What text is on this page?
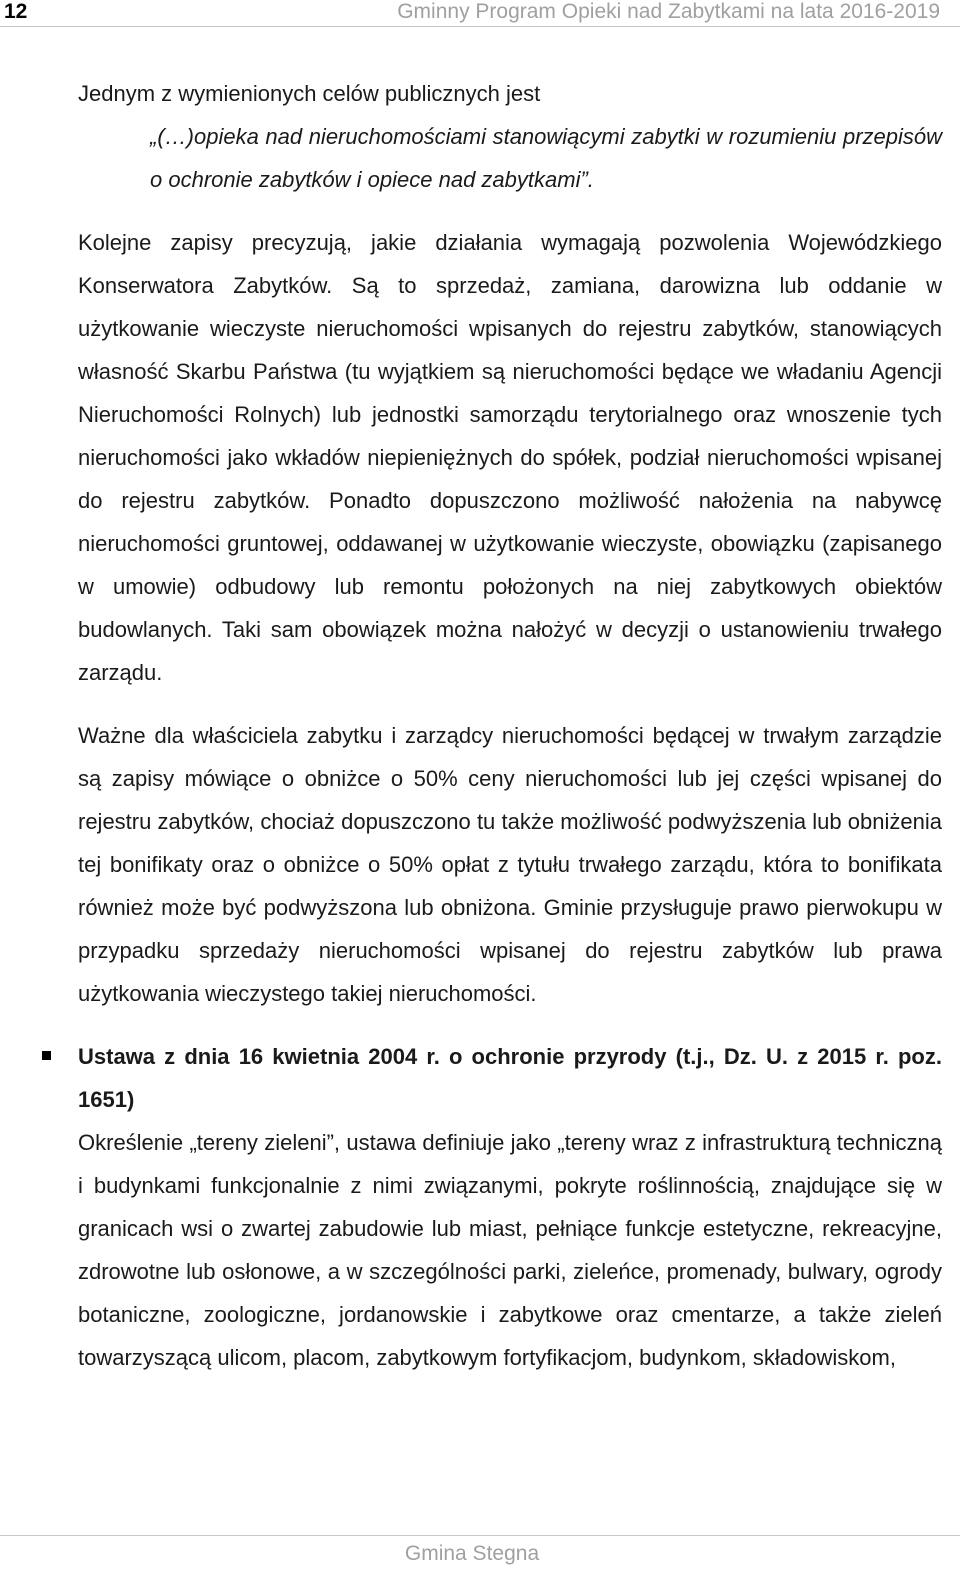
12	Gminny Program Opieki nad Zabytkami na lata 2016-2019

Jednym z wymienionych celów publicznych jest

„(…)opieka nad nieruchomościami stanowiącymi zabytki w rozumieniu przepisów o ochronie zabytków i opiece nad zabytkami”.

Kolejne zapisy precyzują, jakie działania wymagają pozwolenia Wojewódzkiego Konserwatora Zabytków. Są to sprzedaż, zamiana, darowizna lub oddanie w użytkowanie wieczyste nieruchomości wpisanych do rejestru zabytków, stanowiących własność Skarbu Państwa (tu wyjątkiem są nieruchomości będące we władaniu Agencji Nieruchomości Rolnych) lub jednostki samorządu terytorialnego oraz wnoszenie tych nieruchomości jako wkładów niepieniężnych do spółek, podział nieruchomości wpisanej do rejestru zabytków. Ponadto dopuszczono możliwość nałożenia na nabywcę nieruchomości gruntowej, oddawanej w użytkowanie wieczyste, obowiązku (zapisanego w umowie) odbudowy lub remontu położonych na niej zabytkowych obiektów budowlanych. Taki sam obowiązek można nałożyć w decyzji o ustanowieniu trwałego zarządu.

Ważne dla właściciela zabytku i zarządcy nieruchomości będącej w trwałym zarządzie są zapisy mówiące o obniżce o 50% ceny nieruchomości lub jej części wpisanej do rejestru zabytków, chociaż dopuszczono tu także możliwość podwyższenia lub obniżenia tej bonifikaty oraz o obniżce o 50% opłat z tytułu trwałego zarządu, która to bonifikata również może być podwyższona lub obniżona. Gminie przysługuje prawo pierwokupu w przypadku sprzedaży nieruchomości wpisanej do rejestru zabytków lub prawa użytkowania wieczystego takiej nieruchomości.

Ustawa z dnia 16 kwietnia 2004 r. o ochronie przyrody (t.j., Dz. U. z 2015 r. poz. 1651)

Określenie „tereny zieleni”, ustawa definiuje jako „tereny wraz z infrastrukturą techniczną i budynkami funkcjonalnie z nimi związanymi, pokryte roślinnością, znajdujące się w granicach wsi o zwartej zabudowie lub miast, pełniące funkcje estetyczne, rekreacyjne, zdrowotne lub osłonowe, a w szczególności parki, zieleńce, promenady, bulwary, ogrody botaniczne, zoologiczne, jordanowskie i zabytkowe oraz cmentarze, a także zieleń towarzyszącą ulicom, placom, zabytkowym fortyfikacjom, budynkom, składowiskom,

Gmina Stegna
